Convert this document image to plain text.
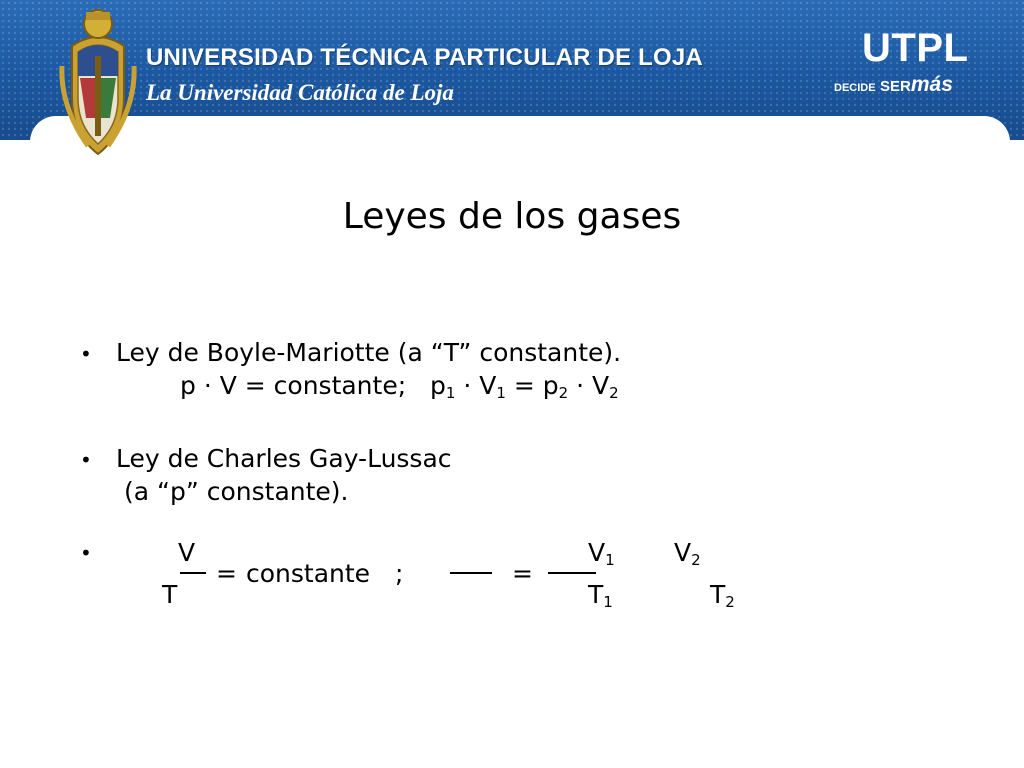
UNIVERSIDAD TÉCNICA PARTICULAR DE LOJA
La Universidad Católica de Loja
UTPL
DECIDE SERmás
Leyes de los gases
• Ley de Boyle-Mariotte (a “T” constante).
p · V = constante; $p_1 \cdot V_1 = p_2 \cdot V_2$
• Ley de Charles Gay-Lussac
(a “p” constante).
•	V
T
= constante ;	=
$V_1$
$T_1$
$V_2$
$T_2$
